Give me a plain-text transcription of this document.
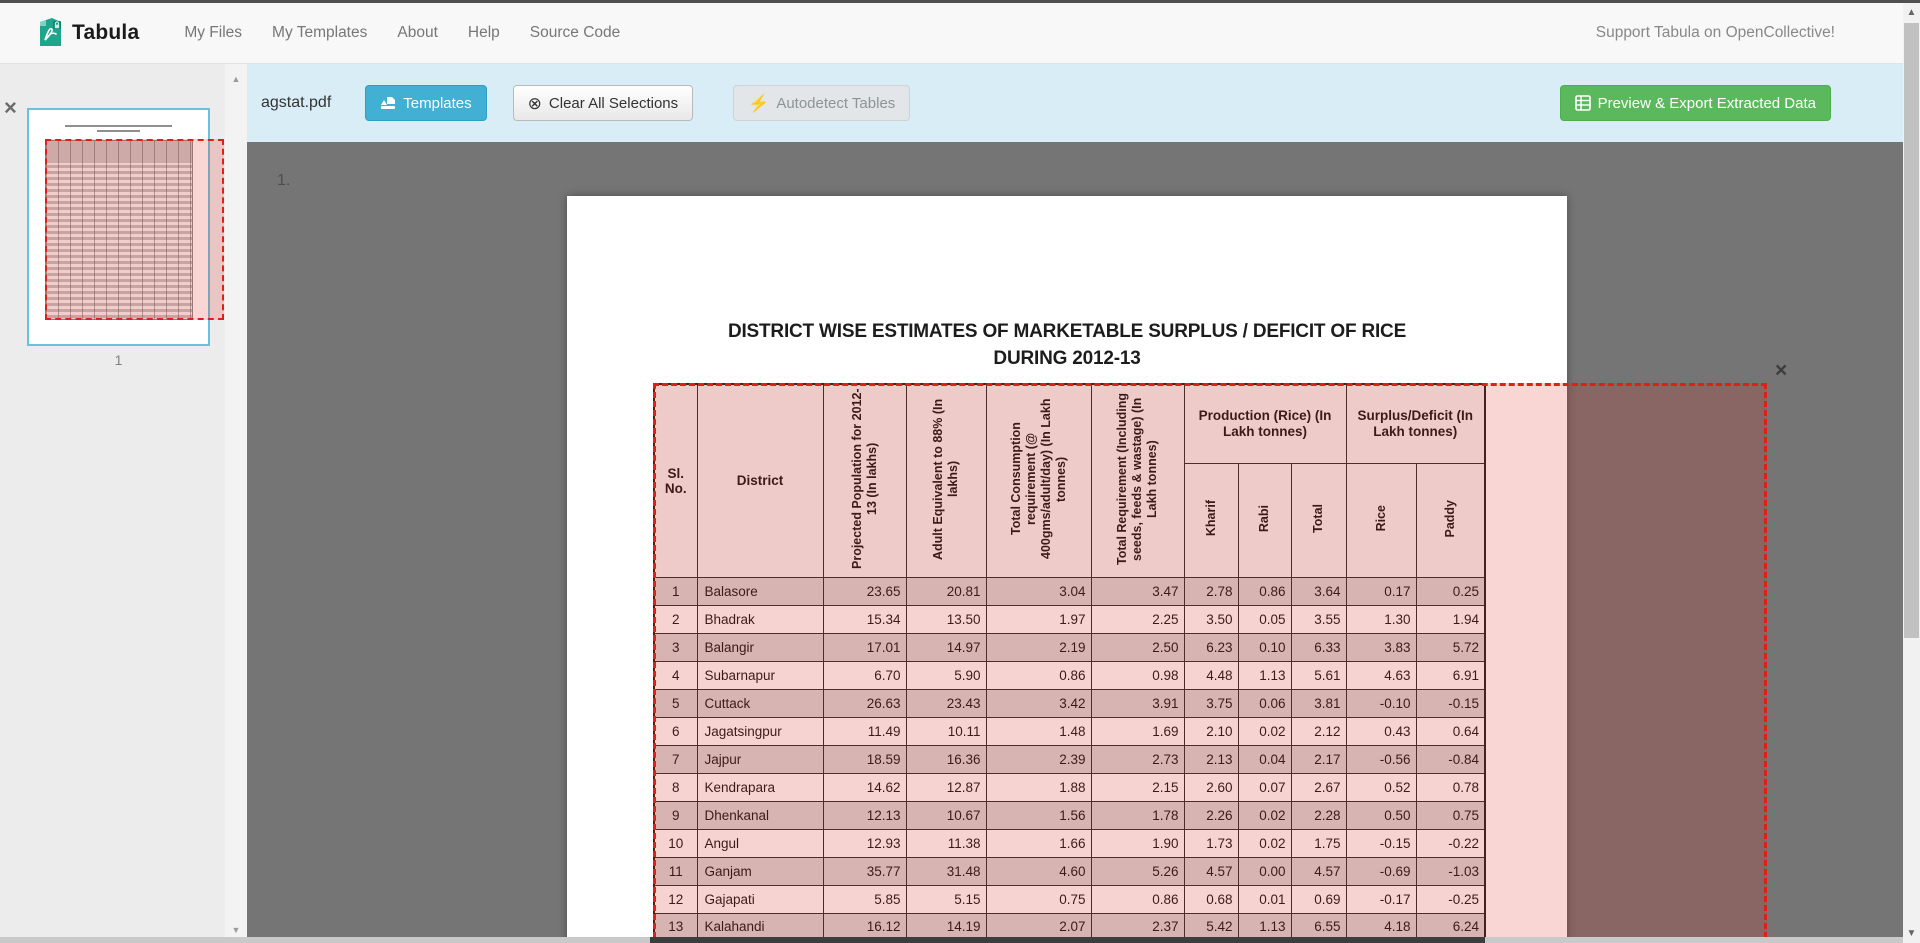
Tabula	My Files	My Templates	About	Help	Source Code	Support Tabula on OpenCollective!
agstat.pdf	Templates	⊗ Clear All Selections	⚡ Autodetect Tables	Preview & Export Extracted Data
×
1
▲
▼
1.
DISTRICT WISE ESTIMATES OF MARKETABLE SURPLUS / DEFICIT OF RICE
DURING 2012-13
Sl. No.	District	Projected Population for 2012-13 (In lakhs)	Adult Equivalent to 88% (In lakhs)	Total Consumption requirement (@ 400gms/adult/day) (In Lakh tonnes)	Total Requirement (Including seeds, feeds & wastage) (In Lakh tonnes)	Production (Rice) (In Lakh tonnes)			Surplus/Deficit (In Lakh tonnes)	
						Kharif	Rabi	Total	Rice	Paddy
1	Balasore	23.65	20.81	3.04	3.47	2.78	0.86	3.64	0.17	0.25
2	Bhadrak	15.34	13.50	1.97	2.25	3.50	0.05	3.55	1.30	1.94
3	Balangir	17.01	14.97	2.19	2.50	6.23	0.10	6.33	3.83	5.72
4	Subarnapur	6.70	5.90	0.86	0.98	4.48	1.13	5.61	4.63	6.91
5	Cuttack	26.63	23.43	3.42	3.91	3.75	0.06	3.81	-0.10	-0.15
6	Jagatsingpur	11.49	10.11	1.48	1.69	2.10	0.02	2.12	0.43	0.64
7	Jajpur	18.59	16.36	2.39	2.73	2.13	0.04	2.17	-0.56	-0.84
8	Kendrapara	14.62	12.87	1.88	2.15	2.60	0.07	2.67	0.52	0.78
9	Dhenkanal	12.13	10.67	1.56	1.78	2.26	0.02	2.28	0.50	0.75
10	Angul	12.93	11.38	1.66	1.90	1.73	0.02	1.75	-0.15	-0.22
11	Ganjam	35.77	31.48	4.60	5.26	4.57	0.00	4.57	-0.69	-1.03
12	Gajapati	5.85	5.15	0.75	0.86	0.68	0.01	0.69	-0.17	-0.25
13	Kalahandi	16.12	14.19	2.07	2.37	5.42	1.13	6.55	4.18	6.24
×
▲
▼
